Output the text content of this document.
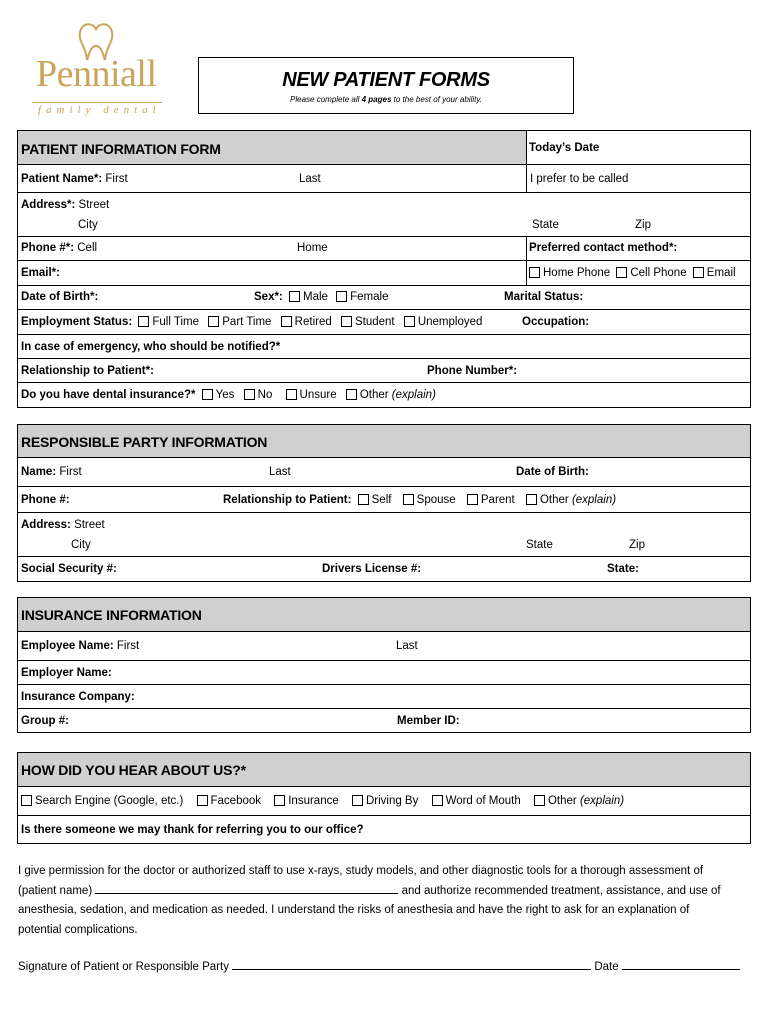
Penniall
family dental
NEW PATIENT FORMS

Please complete all 4 pages to the best of your ability.

PATIENT INFORMATION FORM	Today’s Date
Patient Name*: First	Last	I prefer to be called
Address*: Street
City	State	Zip
Phone #*: Cell	Home	Preferred contact method*:
Email*:	Home Phone Cell Phone Email
Date of Birth*:	Sex*: Male Female	Marital Status:
Employment Status: Full Time Part Time Retired Student Unemployed	Occupation:
In case of emergency, who should be notified?*
Relationship to Patient*:	Phone Number*:
Do you have dental insurance?* Yes No Unsure Other (explain)
RESPONSIBLE PARTY INFORMATION
Name: First	Last	Date of Birth:
Phone #:	Relationship to Patient: Self Spouse Parent Other (explain)
Address: Street
City	State	Zip
Social Security #:	Drivers License #:	State:
INSURANCE INFORMATION
Employee Name: First	Last
Employer Name:
Insurance Company:
Group #:	Member ID:
HOW DID YOU HEAR ABOUT US?*
Search Engine (Google, etc.) Facebook Insurance Driving By Word of Mouth Other (explain)
Is there someone we may thank for referring you to our office?
I give permission for the doctor or authorized staff to use x-rays, study models, and other diagnostic tools for a thorough assessment of
(patient name)	and authorize recommended treatment, assistance, and use of
anesthesia, sedation, and medication as needed. I understand the risks of anesthesia and have the right to ask for an explanation of
potential complications.
Signature of Patient or Responsible Party	Date
